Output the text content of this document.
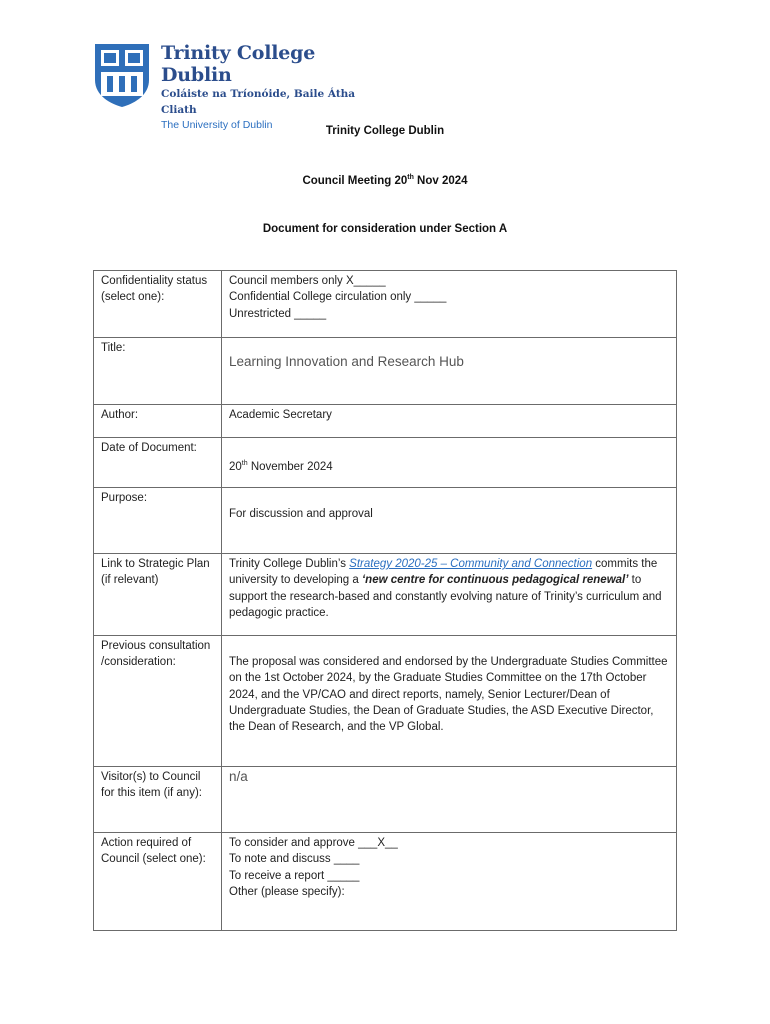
Trinity College Dublin
Coláiste na Tríonóide, Baile Átha Cliath
The University of Dublin	Trinity College Dublin
Council Meeting 20th Nov 2024
Document for consideration under Section A
Confidentiality status (select one):	Council members only X_____
Confidential College circulation only _____
Unrestricted _____

Title:	Learning Innovation and Research Hub

Author:	Academic Secretary
Date of Document:	20th November 2024

Purpose:	For discussion and approval

Link to Strategic Plan (if relevant)	Trinity College Dublin’s Strategy 2020-25 – Community and Connection commits the university to developing a ‘new centre for continuous pedagogical renewal’ to support the research-based and constantly evolving nature of Trinity’s curriculum and pedagogic practice.
Previous consultation /consideration:	The proposal was considered and endorsed by the Undergraduate Studies Committee on the 1st October 2024, by the Graduate Studies Committee on the 17th October 2024, and the VP/CAO and direct reports, namely, Senior Lecturer/Dean of Undergraduate Studies, the Dean of Graduate Studies, the ASD Executive Director, the Dean of Research, and the VP Global.

Visitor(s) to Council for this item (if any):	n/a

Action required of Council (select one):	To consider and approve ___X__
To note and discuss ____
To receive a report _____
Other (please specify):
